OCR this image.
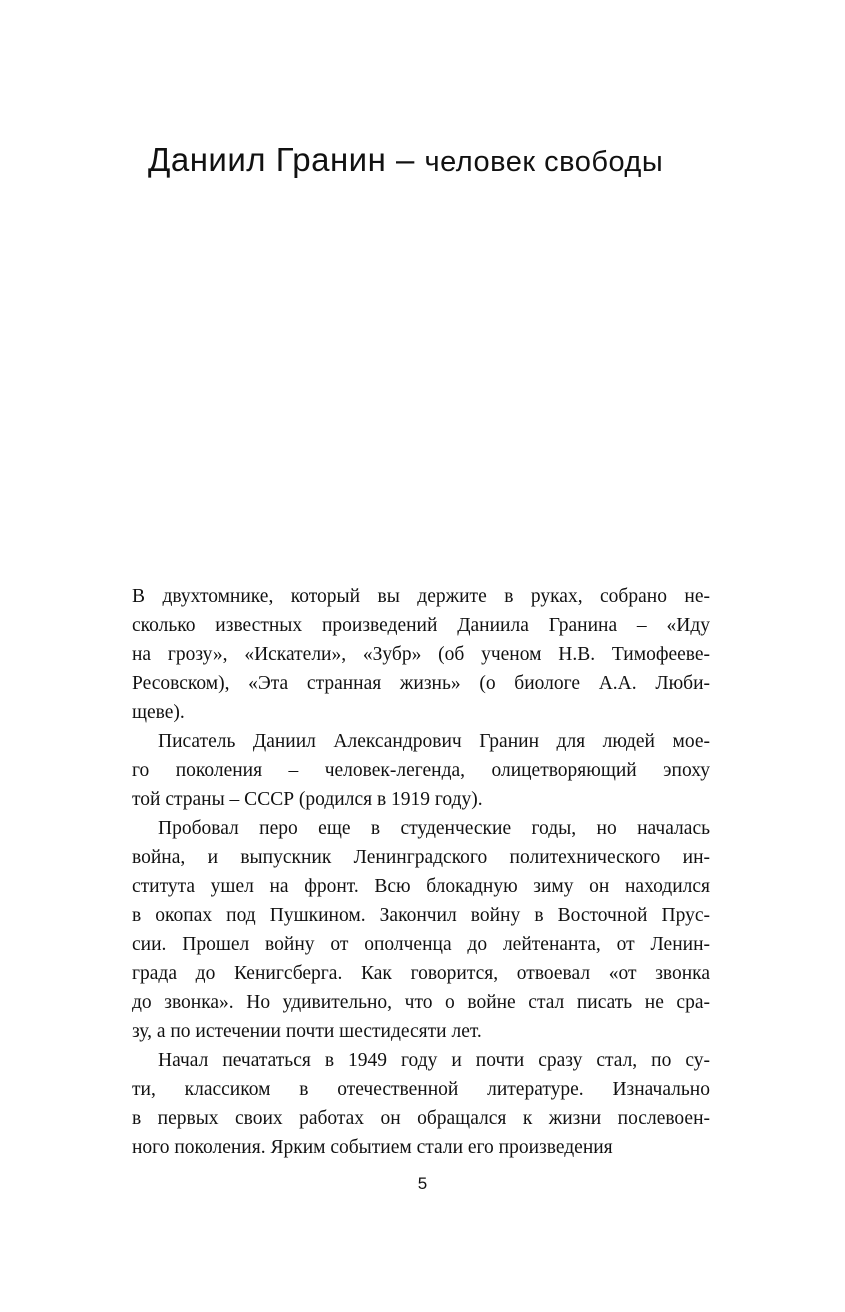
Даниил Гранин – человек свободы
В двухтомнике, который вы держите в руках, собрано не-
сколько известных произведений Даниила Гранина – «Иду
на грозу», «Искатели», «Зубр» (об ученом Н.В. Тимофееве-
Ресовском), «Эта странная жизнь» (о биологе А.А. Люби-
щеве).
Писатель Даниил Александрович Гранин для людей мое-
го поколения – человек-легенда, олицетворяющий эпоху
той страны – СССР (родился в 1919 году).
Пробовал перо еще в студенческие годы, но началась
война, и выпускник Ленинградского политехнического ин-
ститута ушел на фронт. Всю блокадную зиму он находился
в окопах под Пушкином. Закончил войну в Восточной Прус-
сии. Прошел войну от ополченца до лейтенанта, от Ленин-
града до Кенигсберга. Как говорится, отвоевал «от звонка
до звонка». Но удивительно, что о войне стал писать не сра-
зу, а по истечении почти шестидесяти лет.
Начал печататься в 1949 году и почти сразу стал, по су-
ти, классиком в отечественной литературе. Изначально
в первых своих работах он обращался к жизни послевоен-
ного поколения. Ярким событием стали его произведения
5
